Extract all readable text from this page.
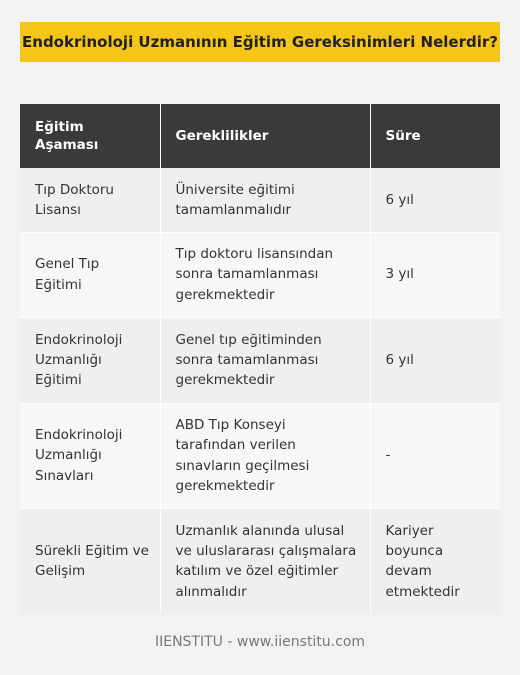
Endokrinoloji Uzmanının Eğitim Gereksinimleri Nelerdir?
Eğitim Aşaması	Gereklilikler	Süre
Tıp Doktoru Lisansı	Üniversite eğitimi tamamlanmalıdır	6 yıl
Genel Tıp Eğitimi	Tıp doktoru lisansından sonra tamamlanması gerekmektedir	3 yıl
Endokrinoloji Uzmanlığı Eğitimi	Genel tıp eğitiminden sonra tamamlanması gerekmektedir	6 yıl
Endokrinoloji Uzmanlığı Sınavları	ABD Tıp Konseyi tarafından verilen sınavların geçilmesi gerekmektedir	-
Sürekli Eğitim ve Gelişim	Uzmanlık alanında ulusal ve uluslararası çalışmalara katılım ve özel eğitimler alınmalıdır	Kariyer boyunca devam etmektedir
IIENSTITU - www.iienstitu.com
